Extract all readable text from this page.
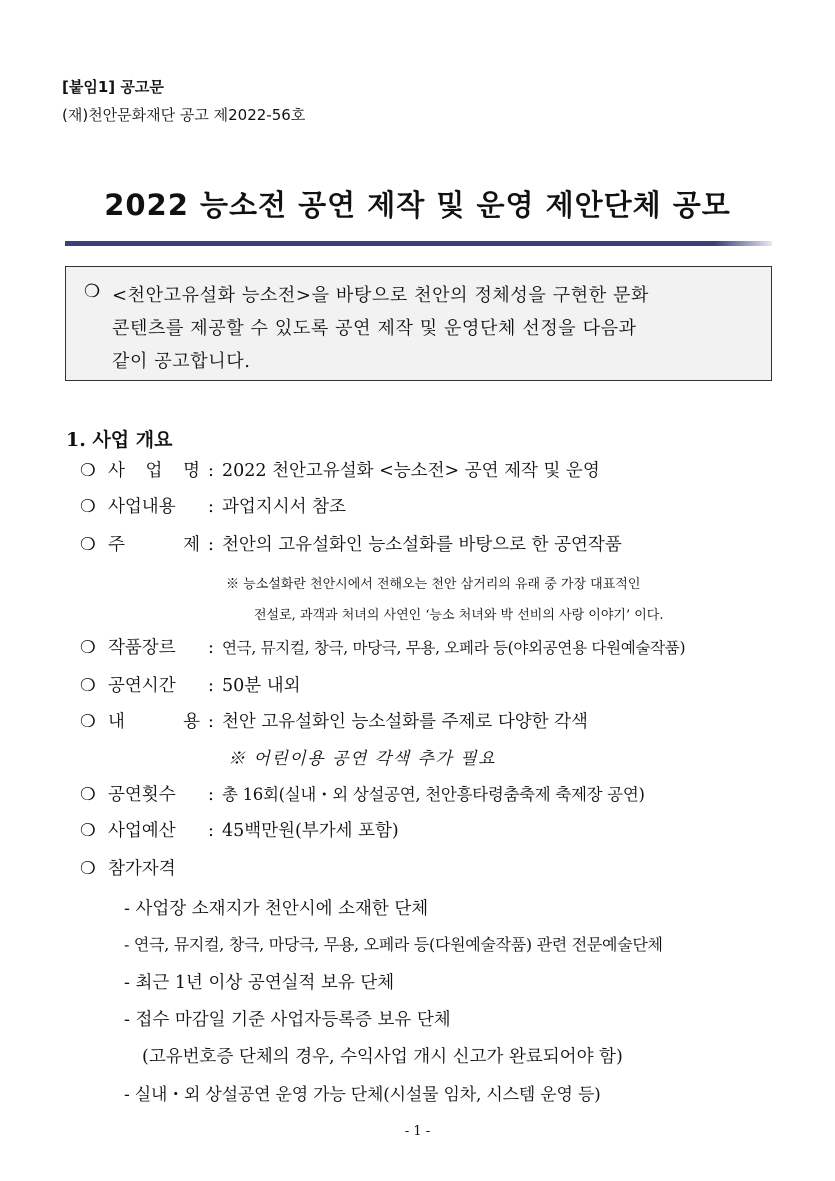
[붙임1] 공고문
(재)천안문화재단 공고 제2022-56호
2022 능소전 공연 제작 및 운영 제안단체 공모
❍ <천안고유설화 능소전>을 바탕으로 천안의 정체성을 구현한 문화
콘텐츠를 제공할 수 있도록 공연 제작 및 운영단체 선정을 다음과
같이 공고합니다.
1. 사업 개요
❍ 사 업 명 : 2022 천안고유설화 <능소전> 공연 제작 및 운영
❍ 사업내용 : 과업지시서 참조
❍ 주 제 : 천안의 고유설화인 능소설화를 바탕으로 한 공연작품
※ 능소설화란 천안시에서 전해오는 천안 삼거리의 유래 중 가장 대표적인
전설로, 과객과 처녀의 사연인 ‘능소 처녀와 박 선비의 사랑 이야기’ 이다.
❍ 작품장르 : 연극, 뮤지컬, 창극, 마당극, 무용, 오페라 등(야외공연용 다원예술작품)
❍ 공연시간 : 50분 내외
❍ 내 용 : 천안 고유설화인 능소설화를 주제로 다양한 각색
※ 어린이용 공연 각색 추가 필요
❍ 공연횟수 : 총 16회(실내・외 상설공연, 천안흥타령춤축제 축제장 공연)
❍ 사업예산 : 45백만원(부가세 포함)
❍ 참가자격
- 사업장 소재지가 천안시에 소재한 단체
- 연극, 뮤지컬, 창극, 마당극, 무용, 오페라 등(다원예술작품) 관련 전문예술단체
- 최근 1년 이상 공연실적 보유 단체
- 접수 마감일 기준 사업자등록증 보유 단체
(고유번호증 단체의 경우, 수익사업 개시 신고가 완료되어야 함)
- 실내・외 상설공연 운영 가능 단체(시설물 임차, 시스템 운영 등)
- 1 -
